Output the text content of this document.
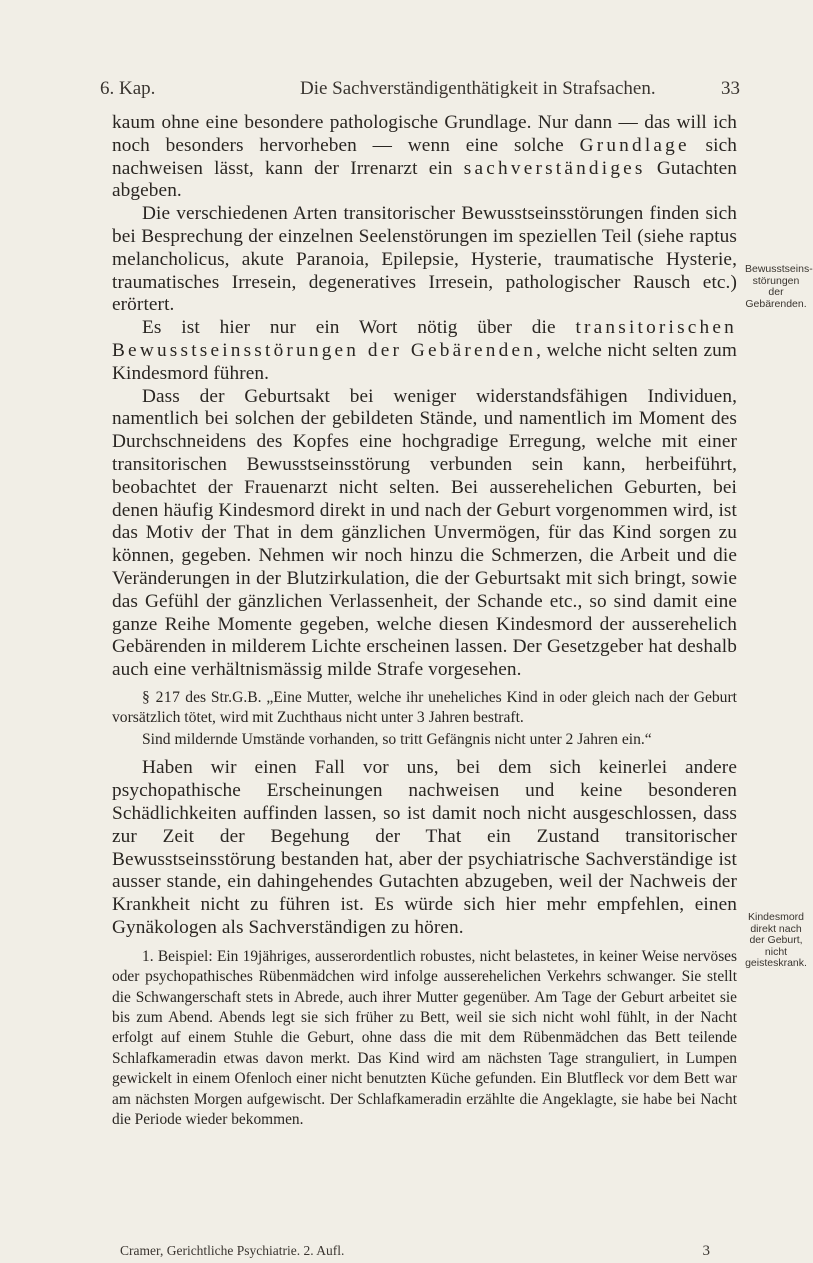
6. Kap.	Die Sachverständigenthätigkeit in Strafsachen.	33

kaum ohne eine besondere pathologische Grundlage. Nur dann — das will ich noch besonders hervorheben — wenn eine solche Grundlage sich nachweisen lässt, kann der Irrenarzt ein sachverständiges Gutachten abgeben.

Die verschiedenen Arten transitorischer Bewusstseinsstörungen finden sich bei Besprechung der einzelnen Seelenstörungen im speziellen Teil (siehe raptus melancholicus, akute Paranoia, Epilepsie, Hysterie, traumatische Hysterie, traumatisches Irresein, degeneratives Irresein, pathologischer Rausch etc.) erörtert.

Es ist hier nur ein Wort nötig über die transitorischen Bewusstseinsstörungen der Gebärenden, welche nicht selten zum Kindesmord führen.

Dass der Geburtsakt bei weniger widerstandsfähigen Individuen, namentlich bei solchen der gebildeten Stände, und namentlich im Moment des Durchschneidens des Kopfes eine hochgradige Erregung, welche mit einer transitorischen Bewusstseinsstörung verbunden sein kann, herbeiführt, beobachtet der Frauenarzt nicht selten. Bei ausserehelichen Geburten, bei denen häufig Kindesmord direkt in und nach der Geburt vorgenommen wird, ist das Motiv der That in dem gänzlichen Unvermögen, für das Kind sorgen zu können, gegeben. Nehmen wir noch hinzu die Schmerzen, die Arbeit und die Veränderungen in der Blutzirkulation, die der Geburtsakt mit sich bringt, sowie das Gefühl der gänzlichen Verlassenheit, der Schande etc., so sind damit eine ganze Reihe Momente gegeben, welche diesen Kindesmord der ausserehelich Gebärenden in milderem Lichte erscheinen lassen. Der Gesetzgeber hat deshalb auch eine verhältnismässig milde Strafe vorgesehen.

§ 217 des Str.G.B. „Eine Mutter, welche ihr uneheliches Kind in oder gleich nach der Geburt vorsätzlich tötet, wird mit Zuchthaus nicht unter 3 Jahren bestraft.

Sind mildernde Umstände vorhanden, so tritt Gefängnis nicht unter 2 Jahren ein.“

Haben wir einen Fall vor uns, bei dem sich keinerlei andere psychopathische Erscheinungen nachweisen und keine besonderen Schädlichkeiten auffinden lassen, so ist damit noch nicht ausgeschlossen, dass zur Zeit der Begehung der That ein Zustand transitorischer Bewusstseinsstörung bestanden hat, aber der psychiatrische Sachverständige ist ausser stande, ein dahingehendes Gutachten abzugeben, weil der Nachweis der Krankheit nicht zu führen ist. Es würde sich hier mehr empfehlen, einen Gynäkologen als Sachverständigen zu hören.

1. Beispiel: Ein 19jähriges, ausserordentlich robustes, nicht belastetes, in keiner Weise nervöses oder psychopathisches Rübenmädchen wird infolge ausserehelichen Verkehrs schwanger. Sie stellt die Schwangerschaft stets in Abrede, auch ihrer Mutter gegenüber. Am Tage der Geburt arbeitet sie bis zum Abend. Abends legt sie sich früher zu Bett, weil sie sich nicht wohl fühlt, in der Nacht erfolgt auf einem Stuhle die Geburt, ohne dass die mit dem Rübenmädchen das Bett teilende Schlafkameradin etwas davon merkt. Das Kind wird am nächsten Tage stranguliert, in Lumpen gewickelt in einem Ofenloch einer nicht benutzten Küche gefunden. Ein Blutfleck vor dem Bett war am nächsten Morgen aufgewischt. Der Schlafkameradin erzählte die Angeklagte, sie habe bei Nacht die Periode wieder bekommen.

Bewusstseins-störungen der Gebärenden.
Kindesmord direkt nach der Geburt, nicht geisteskrank.
Cramer, Gerichtliche Psychiatrie. 2. Aufl.	3
